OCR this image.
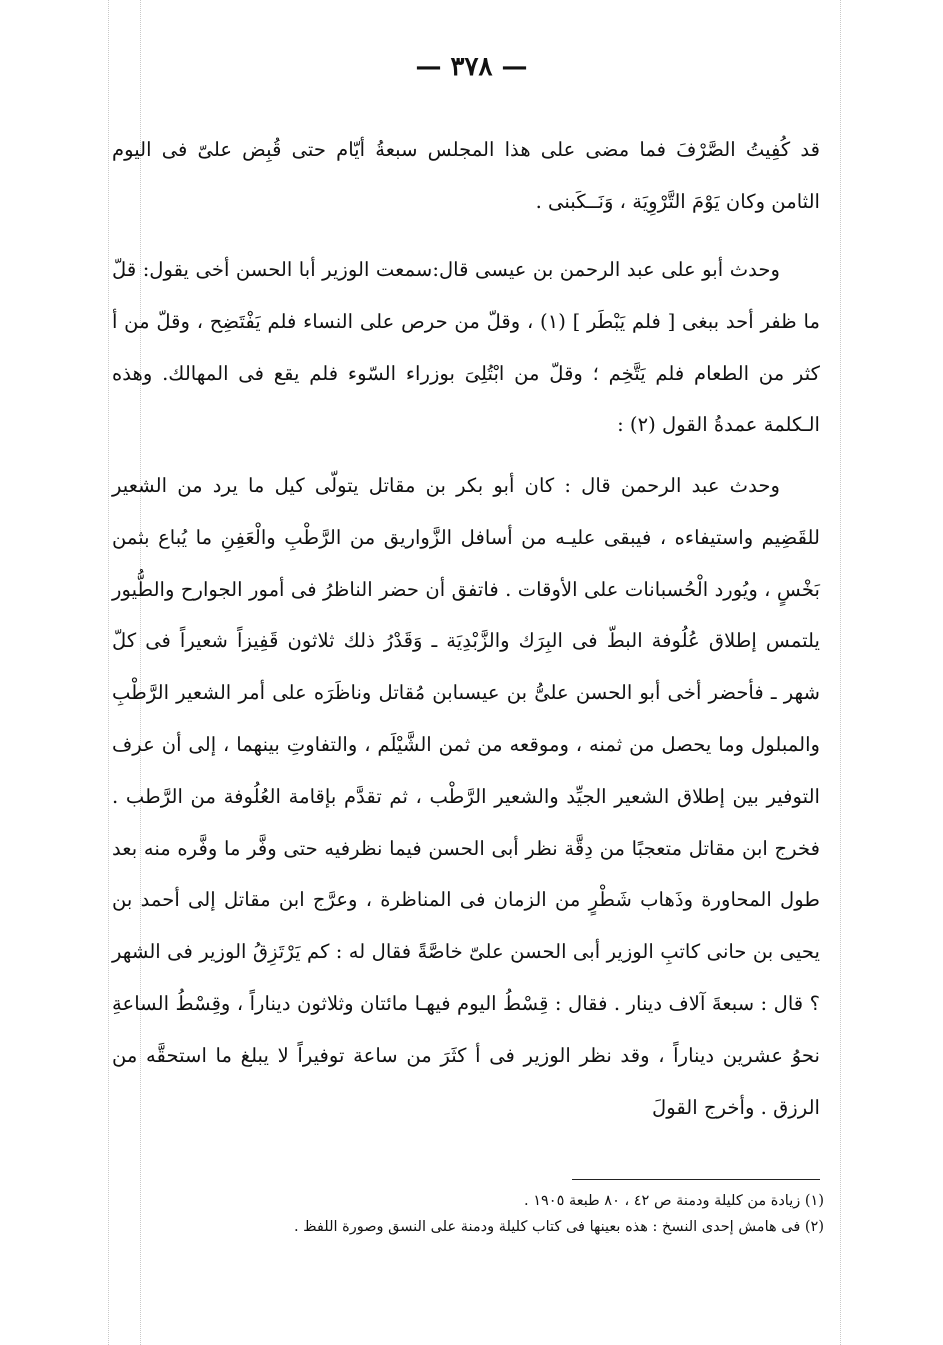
— ٣٧٨ —

قد كُفِيتُ الصَّرْفَ فما مضى على هذا المجلس سبعةُ أيّام حتى قُبِض علىّ فى اليوم الثامن وكان يَوْمَ التَّرْوِيَة ، وَنَــكَبنى .

وحدث أبو على عبد الرحمن بن عيسى قال:سمعت الوزير أبا الحسن أخى يقول: قلّ ما ظفر أحد ببغى [ فلم يَبْطَر ] (١) ، وقلّ من حرص على النساء فلم يَفْتَضِح ، وقلّ من أ كثر من الطعام فلم يَتَّخِم ؛ وقلّ من ابْتُلِىَ بوزراء السّوء فلم يقع فى المهالك. وهذه الـكلمة عمدةُ القول (٢) :

وحدث عبد الرحمن قال : كان أبو بكر بن مقاتل يتولّى كيل ما يرد من الشعير للقَضِيم واستيفاءه ، فيبقى عليـه من أسافل الزَّواريق من الرَّطْبِ والْعَفِنِ ما يُباع بثمن بَخْسٍ ، ويُورد الْحُسبانات على الأوقات . فاتفق أن حضر الناظرُ فى أمور الجوارح والطُّيور يلتمس إطلاق عُلُوفة البطّ فى البِرَك والزَّبْدِيَة ـ وَقَدْرُ ذلك ثلاثون قَفِيزاً شعيراً فى كلّ شهر ـ فأحضر أخى أبو الحسن علىُّ بن عيسىابن مُقاتل وناظَرَه على أمر الشعير الرَّطْبِ والمبلول وما يحصل من ثمنه ، وموقعه من ثمن الشَّيْلَم ، والتفاوتِ بينهما ، إلى أن عرف التوفير بين إطلاق الشعير الجيِّد والشعير الرَّطْب ، ثم تقدَّم بإقامة العُلُوفة من الرَّطب . فخرج ابن مقاتل متعجبًا من دِقَّة نظر أبى الحسن فيما نظرفيه حتى وفَّر ما وفَّره منه بعد طول المحاورة وذَهاب شَطْرٍ من الزمان فى المناظرة ، وعرَّج ابن مقاتل إلى أحمد بن يحيى بن حانى كاتبِ الوزير أبى الحسن علىّ خاصَّةً فقال له : كم يَرْتَزِقُ الوزير فى الشهر ؟ قال : سبعةَ آلاف دينار . فقال : قِسْطُ اليوم فيهـا مائتان وثلاثون ديناراً ، وقِسْطُ الساعةِ نحوُ عشرين ديناراً ، وقد نظر الوزير فى أ كثَرَ من ساعة توفيراً لا يبلغ ما استحقَّه من الرزق . وأخرج القولَ

(١) زيادة من كليلة ودمنة ص ٤٢ ، ٨٠ طبعة ١٩٠٥ .

(٢) فى هامش إحدى النسخ : هذه بعينها فى كتاب كليلة ودمنة على النسق وصورة اللفظ .
